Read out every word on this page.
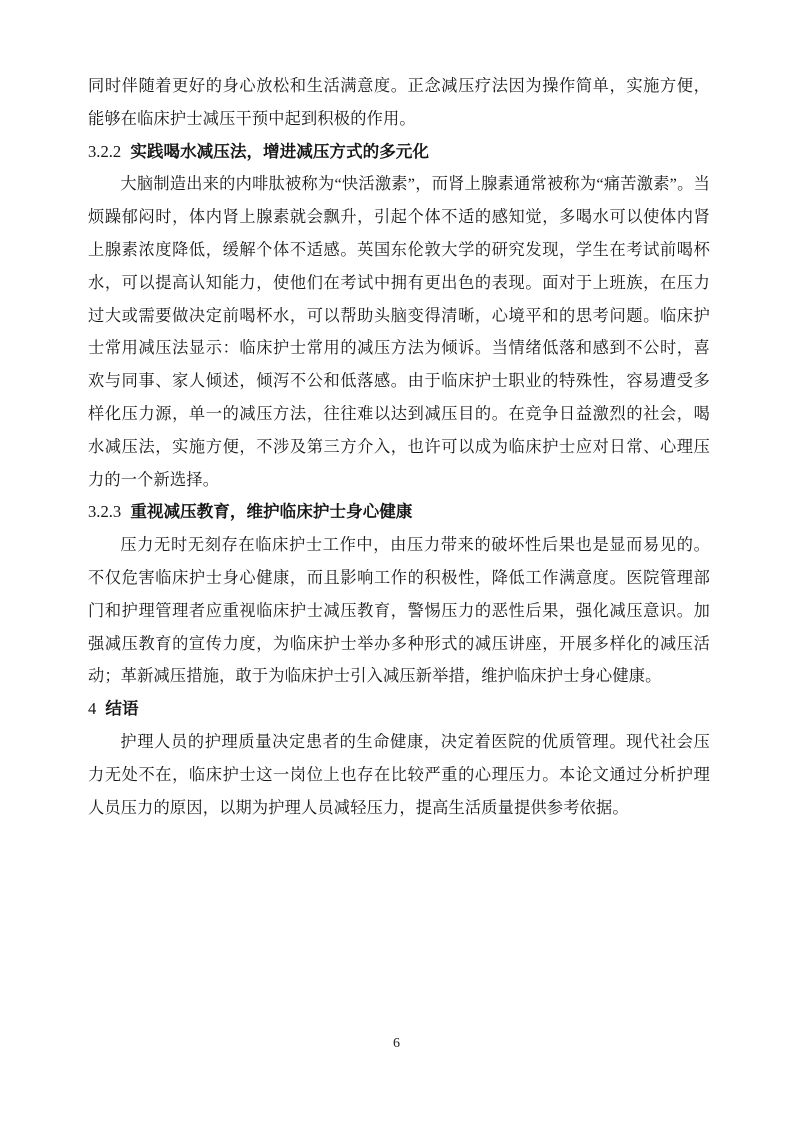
同时伴随着更好的身心放松和生活满意度。正念减压疗法因为操作简单，实施方便，能够在临床护士减压干预中起到积极的作用。

3.2.2 实践喝水减压法，增进减压方式的多元化

大脑制造出来的内啡肽被称为“快活激素”，而肾上腺素通常被称为“痛苦激素”。当烦躁郁闷时，体内肾上腺素就会飘升，引起个体不适的感知觉，多喝水可以使体内肾上腺素浓度降低，缓解个体不适感。英国东伦敦大学的研究发现，学生在考试前喝杯水，可以提高认知能力，使他们在考试中拥有更出色的表现。面对于上班族，在压力过大或需要做决定前喝杯水，可以帮助头脑变得清晰，心境平和的思考问题。临床护士常用减压法显示：临床护士常用的减压方法为倾诉。当情绪低落和感到不公时，喜欢与同事、家人倾述，倾泻不公和低落感。由于临床护士职业的特殊性，容易遭受多样化压力源，单一的减压方法，往往难以达到减压目的。在竞争日益激烈的社会，喝水减压法，实施方便，不涉及第三方介入，也许可以成为临床护士应对日常、心理压力的一个新选择。

3.2.3 重视减压教育，维护临床护士身心健康

压力无时无刻存在临床护士工作中，由压力带来的破坏性后果也是显而易见的。不仅危害临床护士身心健康，而且影响工作的积极性，降低工作满意度。医院管理部门和护理管理者应重视临床护士减压教育，警惕压力的恶性后果，强化减压意识。加强减压教育的宣传力度，为临床护士举办多种形式的减压讲座，开展多样化的减压活动；革新减压措施，敢于为临床护士引入减压新举措，维护临床护士身心健康。

4 结语

护理人员的护理质量决定患者的生命健康，决定着医院的优质管理。现代社会压力无处不在，临床护士这一岗位上也存在比较严重的心理压力。本论文通过分析护理人员压力的原因，以期为护理人员减轻压力，提高生活质量提供参考依据。

6
